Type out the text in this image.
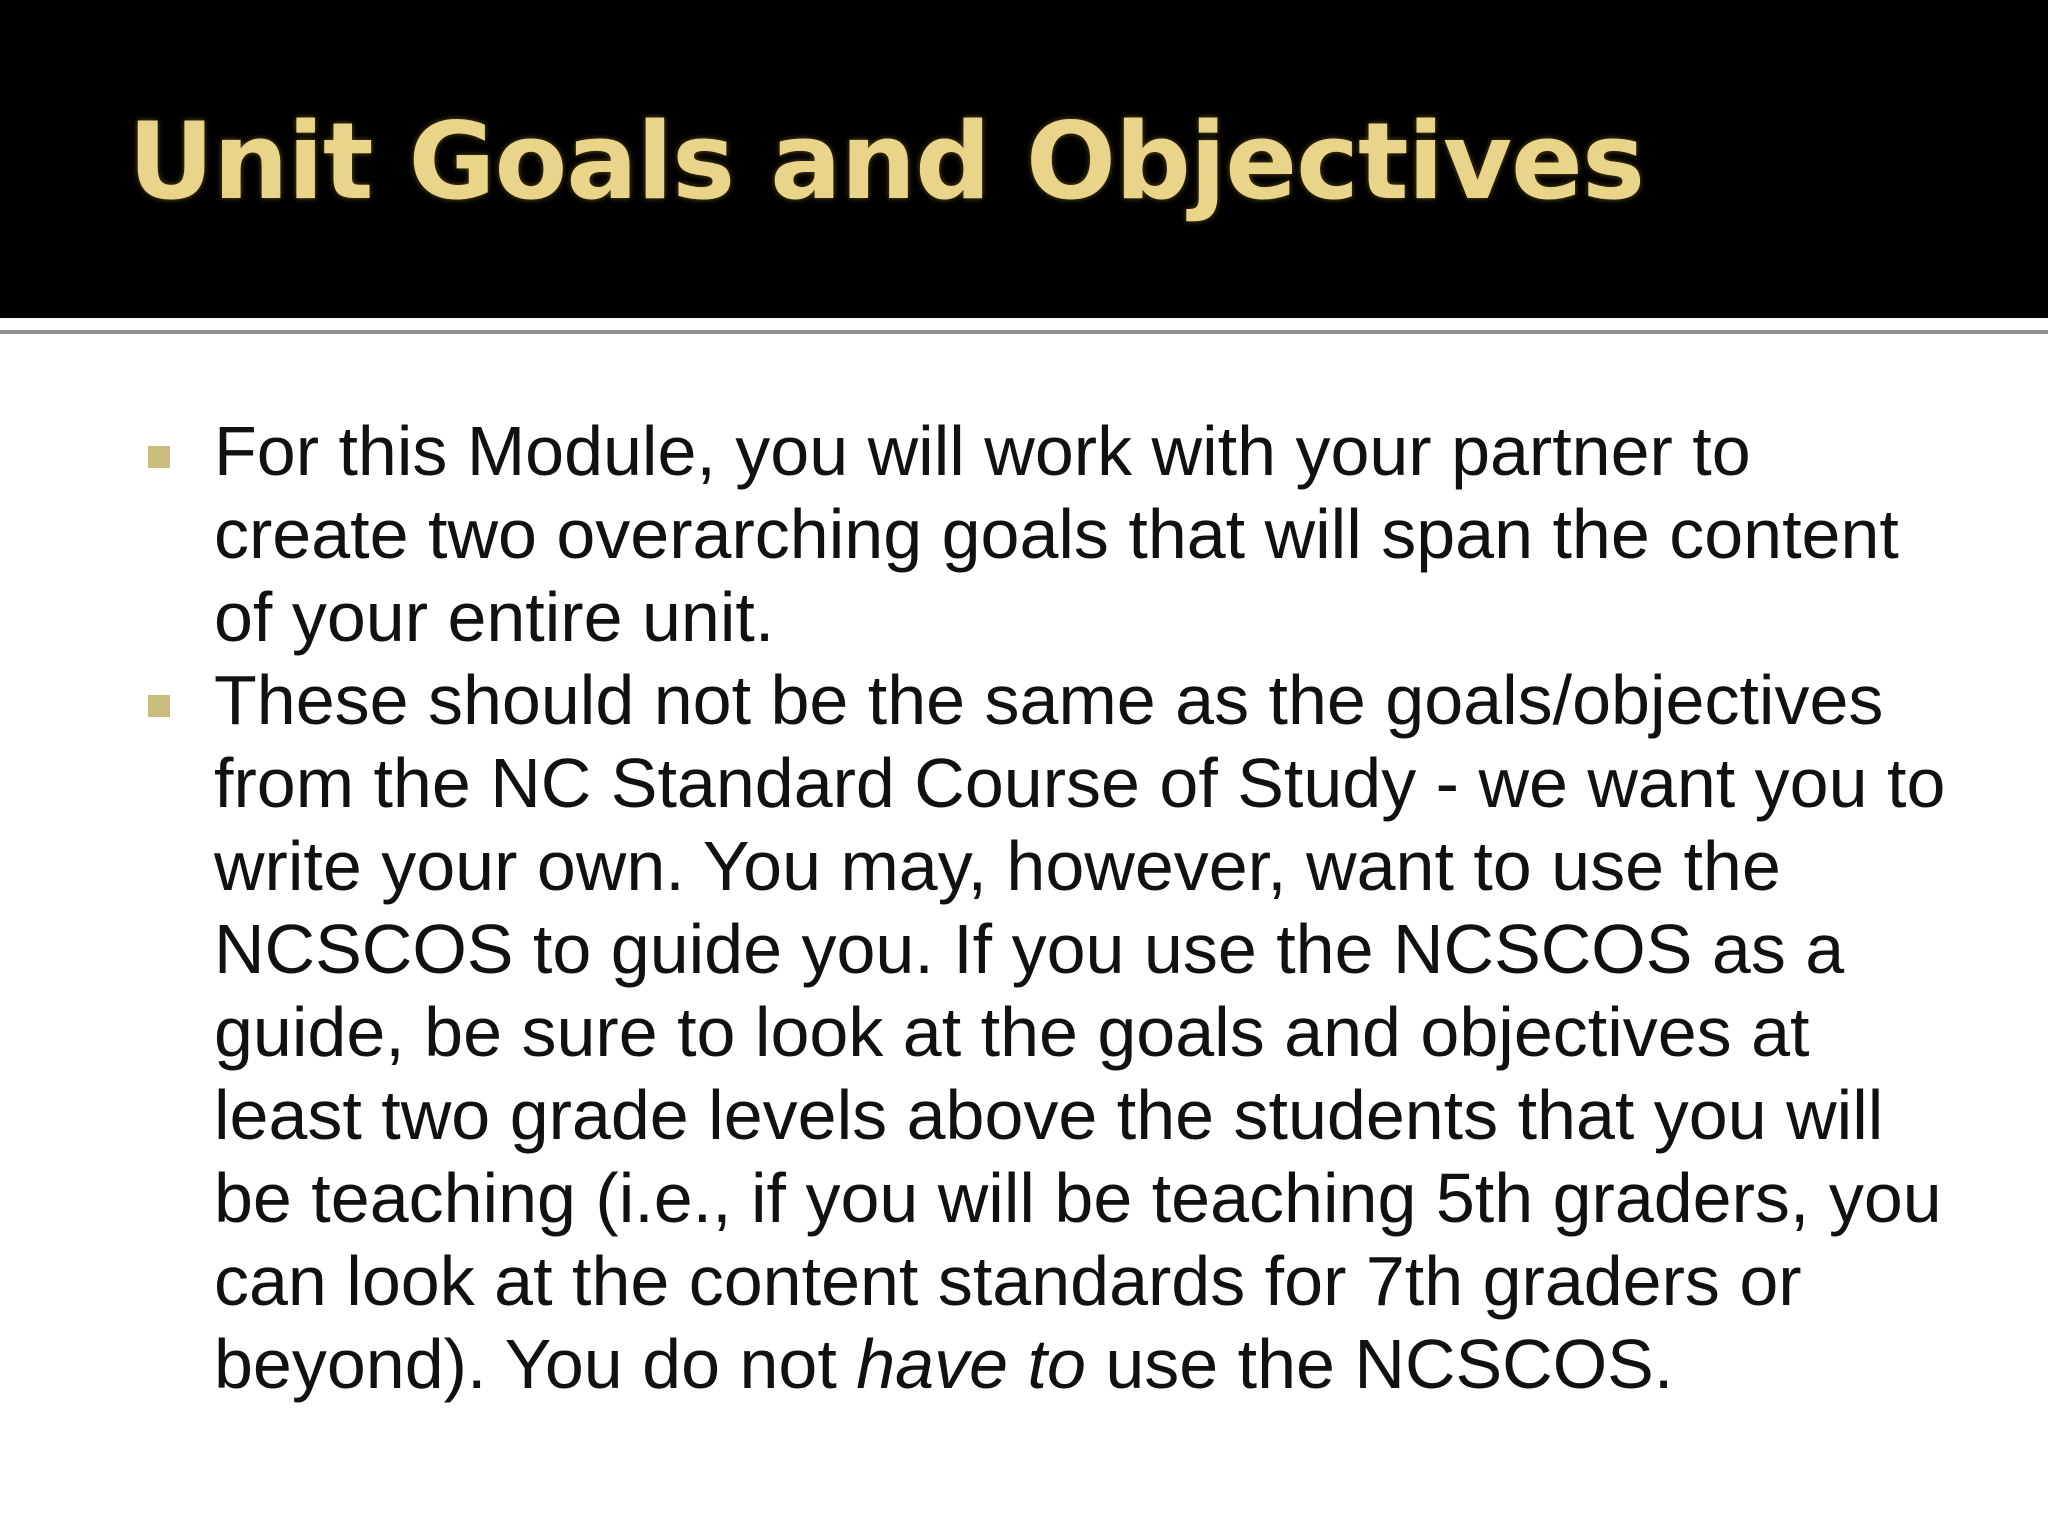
Unit Goals and Objectives
For this Module, you will work with your partner to create two overarching goals that will span the content of your entire unit.
These should not be the same as the goals/objectives from the NC Standard Course of Study - we want you to write your own. You may, however, want to use the NCSCOS to guide you. If you use the NCSCOS as a guide, be sure to look at the goals and objectives at least two grade levels above the students that you will be teaching (i.e., if you will be teaching 5th graders, you can look at the content standards for 7th graders or beyond). You do not have to use the NCSCOS.
